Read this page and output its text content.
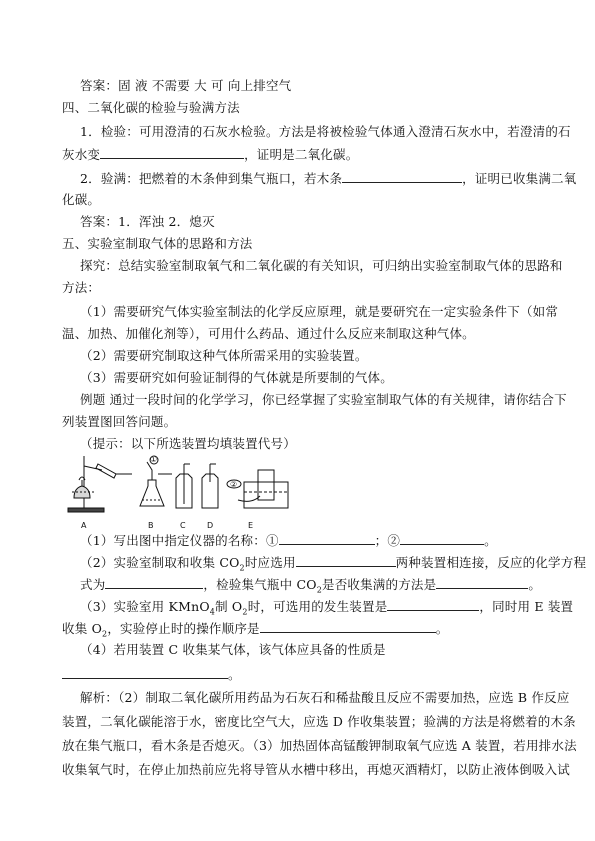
答案：固 液 不需要 大 可 向上排空气
四、二氧化碳的检验与验满方法
1．检验：可用澄清的石灰水检验。方法是将被检验气体通入澄清石灰水中，若澄清的石
灰水变	，证明是二氧化碳。
2．验满：把燃着的木条伸到集气瓶口，若木条	，证明已收集满二氧
化碳。
答案：1．浑浊 2．熄灭
五、实验室制取气体的思路和方法
探究：总结实验室制取氧气和二氧化碳的有关知识，可归纳出实验室制取气体的思路和
方法：
（1）需要研究气体实验室制法的化学反应原理，就是要研究在一定实验条件下（如常
温、加热、加催化剂等），可用什么药品、通过什么反应来制取这种气体。
（2）需要研究制取这种气体所需采用的实验装置。
（3）需要研究如何验证制得的气体就是所要制的气体。
例题 通过一段时间的化学学习，你已经掌握了实验室制取气体的有关规律，请你结合下
列装置图回答问题。
（提示：以下所选装置均填装置代号）
①
②
A	B	C	D	E
（1）写出图中指定仪器的名称：①	；②	。
（2）实验室制取和收集 $CO_2$时应选用	两种装置相连接，反应的化学方程
式为	，检验集气瓶中 $CO_2$是否收集满的方法是	。
（3）实验室用 KMnO$_4$制 $O_2$时，可选用的发生装置是	，同时用 E 装置
收集 $O_2$，实验停止时的操作顺序是	。
（4）若用装置 C 收集某气体，该气体应具备的性质是
。
解析：（2）制取二氧化碳所用药品为石灰石和稀盐酸且反应不需要加热，应选 B 作反应
装置，二氧化碳能溶于水，密度比空气大，应选 D 作收集装置；验满的方法是将燃着的木条
放在集气瓶口，看木条是否熄灭。（3）加热固体高锰酸钾制取氧气应选 A 装置，若用排水法
收集氧气时，在停止加热前应先将导管从水槽中移出，再熄灭酒精灯，以防止液体倒吸入试
